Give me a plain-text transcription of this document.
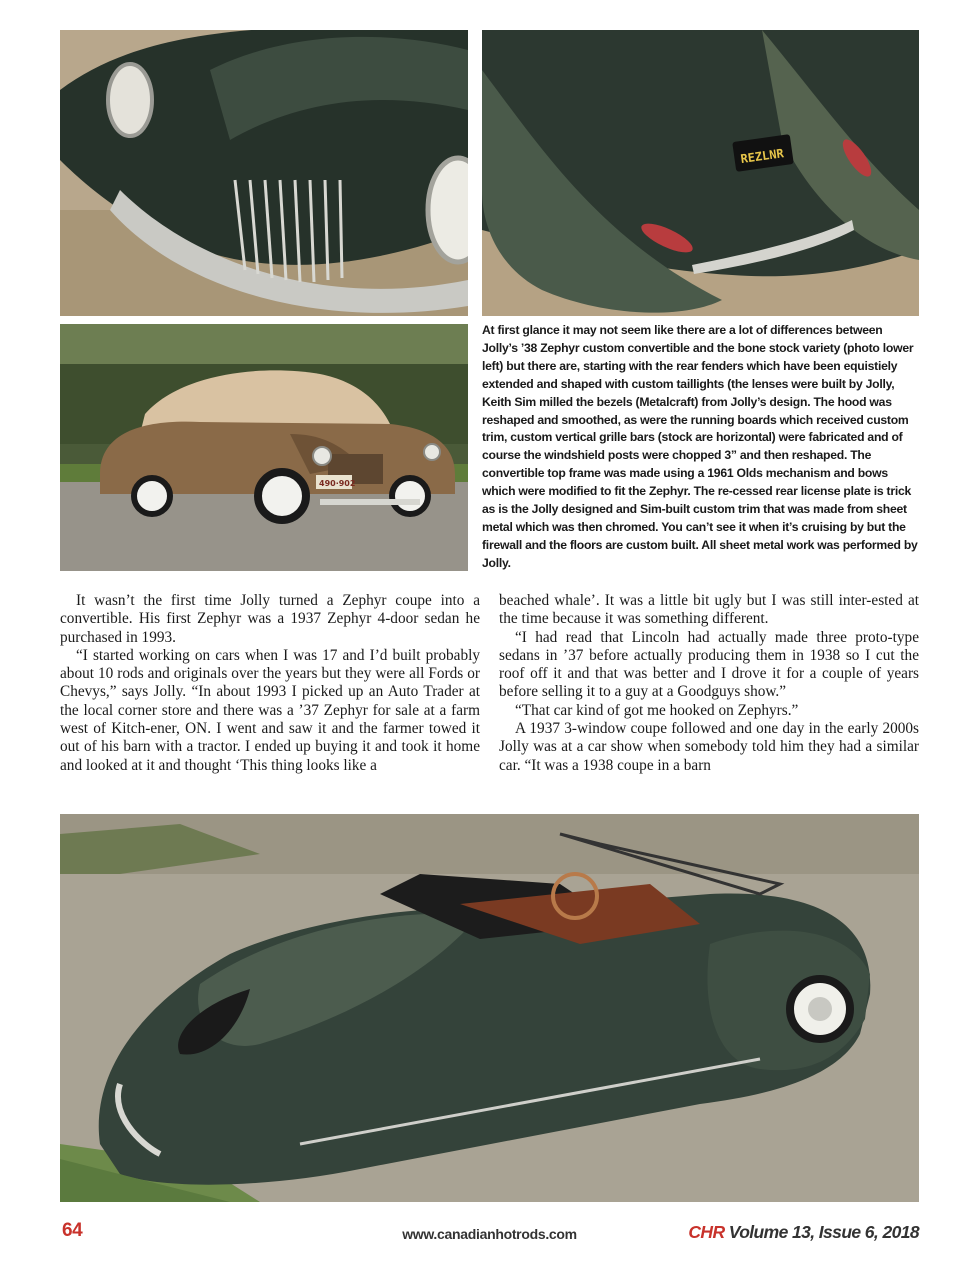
REZLNR
490·902

At first glance it may not seem like there are a lot of differences between Jolly’s ’38 Zephyr custom convertible and the bone stock variety (photo lower left) but there are, starting with the rear fenders which have been equistiely extended and shaped with custom taillights (the lenses were built by Jolly, Keith Sim milled the bezels (Metalcraft) from Jolly’s design. The hood was reshaped and smoothed, as were the running boards which received custom trim, custom vertical grille bars (stock are horizontal) were fabricated and of course the windshield posts were chopped 3” and then reshaped. The convertible top frame was made using a 1961 Olds mechanism and bows which were modified to fit the Zephyr. The re-cessed rear license plate is trick as is the Jolly designed and Sim-built custom trim that was made from sheet metal which was then chromed. You can’t see it when it’s cruising by but the firewall and the floors are custom built. All sheet metal work was performed by Jolly.

It wasn’t the first time Jolly turned a Zephyr coupe into a convertible. His first Zephyr was a 1937 Zephyr 4-door sedan he purchased in 1993.

“I started working on cars when I was 17 and I’d built probably about 10 rods and originals over the years but they were all Fords or Chevys,” says Jolly. “In about 1993 I picked up an Auto Trader at the local corner store and there was a ’37 Zephyr for sale at a farm west of Kitch-ener, ON. I went and saw it and the farmer towed it out of his barn with a tractor. I ended up buying it and took it home and looked at it and thought ‘This thing looks like a

beached whale’. It was a little bit ugly but I was still inter-ested at the time because it was something different.

“I had read that Lincoln had actually made three proto-type sedans in ’37 before actually producing them in 1938 so I cut the roof off it and that was better and I drove it for a couple of years before selling it to a guy at a Goodguys show.”

“That car kind of got me hooked on Zephyrs.”

A 1937 3-window coupe followed and one day in the early 2000s Jolly was at a car show when somebody told him they had a similar car. “It was a 1938 coupe in a barn

64	www.canadianhotrods.com	CHR Volume 13, Issue 6, 2018
